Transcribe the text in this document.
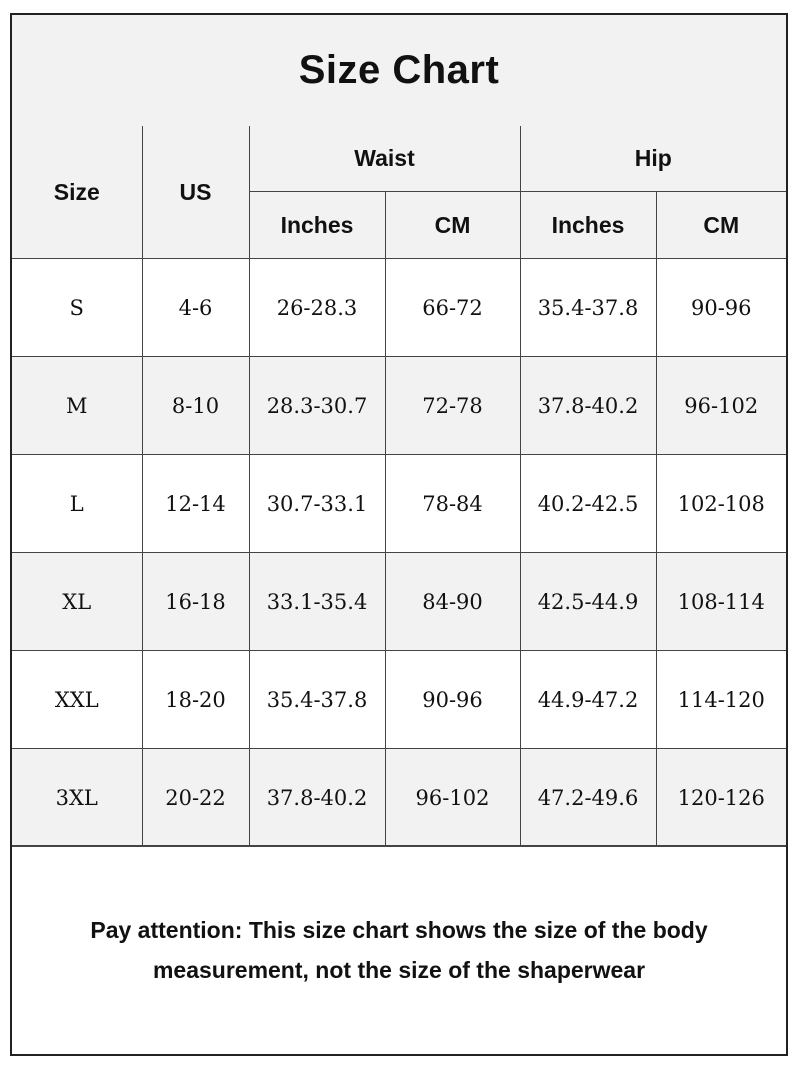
Size Chart
Size	US	Waist		Hip	
		Inches	CM	Inches	CM
S	4-6	26-28.3	66-72	35.4-37.8	90-96
M	8-10	28.3-30.7	72-78	37.8-40.2	96-102
L	12-14	30.7-33.1	78-84	40.2-42.5	102-108
XL	16-18	33.1-35.4	84-90	42.5-44.9	108-114
XXL	18-20	35.4-37.8	90-96	44.9-47.2	114-120
3XL	20-22	37.8-40.2	96-102	47.2-49.6	120-126
Pay attention: This size chart shows the size of the body
measurement, not the size of the shaperwear
